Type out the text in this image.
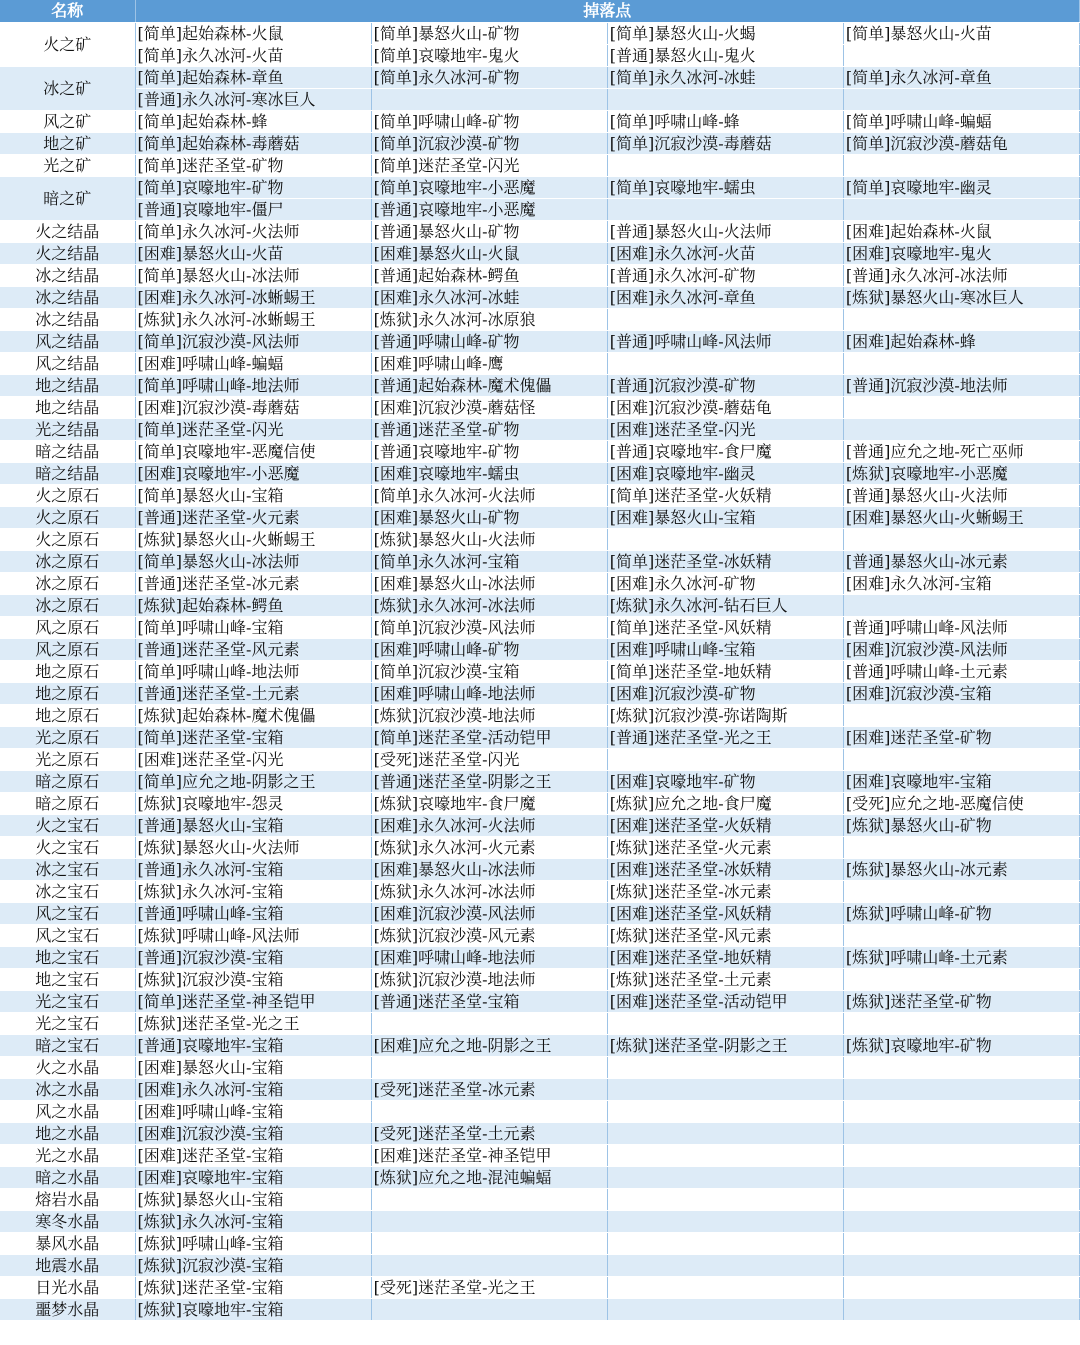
名称	掉落点			
火之矿	[简单]起始森林-火鼠	[简单]暴怒火山-矿物	[简单]暴怒火山-火蝎	[简单]暴怒火山-火苗
	[简单]永久冰河-火苗	[简单]哀嚎地牢-鬼火	[普通]暴怒火山-鬼火	
冰之矿	[简单]起始森林-章鱼	[简单]永久冰河-矿物	[简单]永久冰河-冰蛙	[简单]永久冰河-章鱼
	[普通]永久冰河-寒冰巨人			
风之矿	[简单]起始森林-蜂	[简单]呼啸山峰-矿物	[简单]呼啸山峰-蜂	[简单]呼啸山峰-蝙蝠
地之矿	[简单]起始森林-毒蘑菇	[简单]沉寂沙漠-矿物	[简单]沉寂沙漠-毒蘑菇	[简单]沉寂沙漠-蘑菇龟
光之矿	[简单]迷茫圣堂-矿物	[简单]迷茫圣堂-闪光		
暗之矿	[简单]哀嚎地牢-矿物	[简单]哀嚎地牢-小恶魔	[简单]哀嚎地牢-蠕虫	[简单]哀嚎地牢-幽灵
	[普通]哀嚎地牢-僵尸	[普通]哀嚎地牢-小恶魔		
火之结晶	[简单]永久冰河-火法师	[普通]暴怒火山-矿物	[普通]暴怒火山-火法师	[困难]起始森林-火鼠
火之结晶	[困难]暴怒火山-火苗	[困难]暴怒火山-火鼠	[困难]永久冰河-火苗	[困难]哀嚎地牢-鬼火
冰之结晶	[简单]暴怒火山-冰法师	[普通]起始森林-鳄鱼	[普通]永久冰河-矿物	[普通]永久冰河-冰法师
冰之结晶	[困难]永久冰河-冰蜥蜴王	[困难]永久冰河-冰蛙	[困难]永久冰河-章鱼	[炼狱]暴怒火山-寒冰巨人
冰之结晶	[炼狱]永久冰河-冰蜥蜴王	[炼狱]永久冰河-冰原狼		
风之结晶	[简单]沉寂沙漠-风法师	[普通]呼啸山峰-矿物	[普通]呼啸山峰-风法师	[困难]起始森林-蜂
风之结晶	[困难]呼啸山峰-蝙蝠	[困难]呼啸山峰-鹰		
地之结晶	[简单]呼啸山峰-地法师	[普通]起始森林-魔术傀儡	[普通]沉寂沙漠-矿物	[普通]沉寂沙漠-地法师
地之结晶	[困难]沉寂沙漠-毒蘑菇	[困难]沉寂沙漠-蘑菇怪	[困难]沉寂沙漠-蘑菇龟	
光之结晶	[简单]迷茫圣堂-闪光	[普通]迷茫圣堂-矿物	[困难]迷茫圣堂-闪光	
暗之结晶	[简单]哀嚎地牢-恶魔信使	[普通]哀嚎地牢-矿物	[普通]哀嚎地牢-食尸魔	[普通]应允之地-死亡巫师
暗之结晶	[困难]哀嚎地牢-小恶魔	[困难]哀嚎地牢-蠕虫	[困难]哀嚎地牢-幽灵	[炼狱]哀嚎地牢-小恶魔
火之原石	[简单]暴怒火山-宝箱	[简单]永久冰河-火法师	[简单]迷茫圣堂-火妖精	[普通]暴怒火山-火法师
火之原石	[普通]迷茫圣堂-火元素	[困难]暴怒火山-矿物	[困难]暴怒火山-宝箱	[困难]暴怒火山-火蜥蜴王
火之原石	[炼狱]暴怒火山-火蜥蜴王	[炼狱]暴怒火山-火法师		
冰之原石	[简单]暴怒火山-冰法师	[简单]永久冰河-宝箱	[简单]迷茫圣堂-冰妖精	[普通]暴怒火山-冰元素
冰之原石	[普通]迷茫圣堂-冰元素	[困难]暴怒火山-冰法师	[困难]永久冰河-矿物	[困难]永久冰河-宝箱
冰之原石	[炼狱]起始森林-鳄鱼	[炼狱]永久冰河-冰法师	[炼狱]永久冰河-钻石巨人	
风之原石	[简单]呼啸山峰-宝箱	[简单]沉寂沙漠-风法师	[简单]迷茫圣堂-风妖精	[普通]呼啸山峰-风法师
风之原石	[普通]迷茫圣堂-风元素	[困难]呼啸山峰-矿物	[困难]呼啸山峰-宝箱	[困难]沉寂沙漠-风法师
地之原石	[简单]呼啸山峰-地法师	[简单]沉寂沙漠-宝箱	[简单]迷茫圣堂-地妖精	[普通]呼啸山峰-土元素
地之原石	[普通]迷茫圣堂-土元素	[困难]呼啸山峰-地法师	[困难]沉寂沙漠-矿物	[困难]沉寂沙漠-宝箱
地之原石	[炼狱]起始森林-魔术傀儡	[炼狱]沉寂沙漠-地法师	[炼狱]沉寂沙漠-弥诺陶斯	
光之原石	[简单]迷茫圣堂-宝箱	[简单]迷茫圣堂-活动铠甲	[普通]迷茫圣堂-光之王	[困难]迷茫圣堂-矿物
光之原石	[困难]迷茫圣堂-闪光	[受死]迷茫圣堂-闪光		
暗之原石	[简单]应允之地-阴影之王	[普通]迷茫圣堂-阴影之王	[困难]哀嚎地牢-矿物	[困难]哀嚎地牢-宝箱
暗之原石	[炼狱]哀嚎地牢-怨灵	[炼狱]哀嚎地牢-食尸魔	[炼狱]应允之地-食尸魔	[受死]应允之地-恶魔信使
火之宝石	[普通]暴怒火山-宝箱	[困难]永久冰河-火法师	[困难]迷茫圣堂-火妖精	[炼狱]暴怒火山-矿物
火之宝石	[炼狱]暴怒火山-火法师	[炼狱]永久冰河-火元素	[炼狱]迷茫圣堂-火元素	
冰之宝石	[普通]永久冰河-宝箱	[困难]暴怒火山-冰法师	[困难]迷茫圣堂-冰妖精	[炼狱]暴怒火山-冰元素
冰之宝石	[炼狱]永久冰河-宝箱	[炼狱]永久冰河-冰法师	[炼狱]迷茫圣堂-冰元素	
风之宝石	[普通]呼啸山峰-宝箱	[困难]沉寂沙漠-风法师	[困难]迷茫圣堂-风妖精	[炼狱]呼啸山峰-矿物
风之宝石	[炼狱]呼啸山峰-风法师	[炼狱]沉寂沙漠-风元素	[炼狱]迷茫圣堂-风元素	
地之宝石	[普通]沉寂沙漠-宝箱	[困难]呼啸山峰-地法师	[困难]迷茫圣堂-地妖精	[炼狱]呼啸山峰-土元素
地之宝石	[炼狱]沉寂沙漠-宝箱	[炼狱]沉寂沙漠-地法师	[炼狱]迷茫圣堂-土元素	
光之宝石	[简单]迷茫圣堂-神圣铠甲	[普通]迷茫圣堂-宝箱	[困难]迷茫圣堂-活动铠甲	[炼狱]迷茫圣堂-矿物
光之宝石	[炼狱]迷茫圣堂-光之王			
暗之宝石	[普通]哀嚎地牢-宝箱	[困难]应允之地-阴影之王	[炼狱]迷茫圣堂-阴影之王	[炼狱]哀嚎地牢-矿物
火之水晶	[困难]暴怒火山-宝箱			
冰之水晶	[困难]永久冰河-宝箱	[受死]迷茫圣堂-冰元素		
风之水晶	[困难]呼啸山峰-宝箱			
地之水晶	[困难]沉寂沙漠-宝箱	[受死]迷茫圣堂-土元素		
光之水晶	[困难]迷茫圣堂-宝箱	[困难]迷茫圣堂-神圣铠甲		
暗之水晶	[困难]哀嚎地牢-宝箱	[炼狱]应允之地-混沌蝙蝠		
熔岩水晶	[炼狱]暴怒火山-宝箱			
寒冬水晶	[炼狱]永久冰河-宝箱			
暴风水晶	[炼狱]呼啸山峰-宝箱			
地震水晶	[炼狱]沉寂沙漠-宝箱			
日光水晶	[炼狱]迷茫圣堂-宝箱	[受死]迷茫圣堂-光之王		
噩梦水晶	[炼狱]哀嚎地牢-宝箱			
